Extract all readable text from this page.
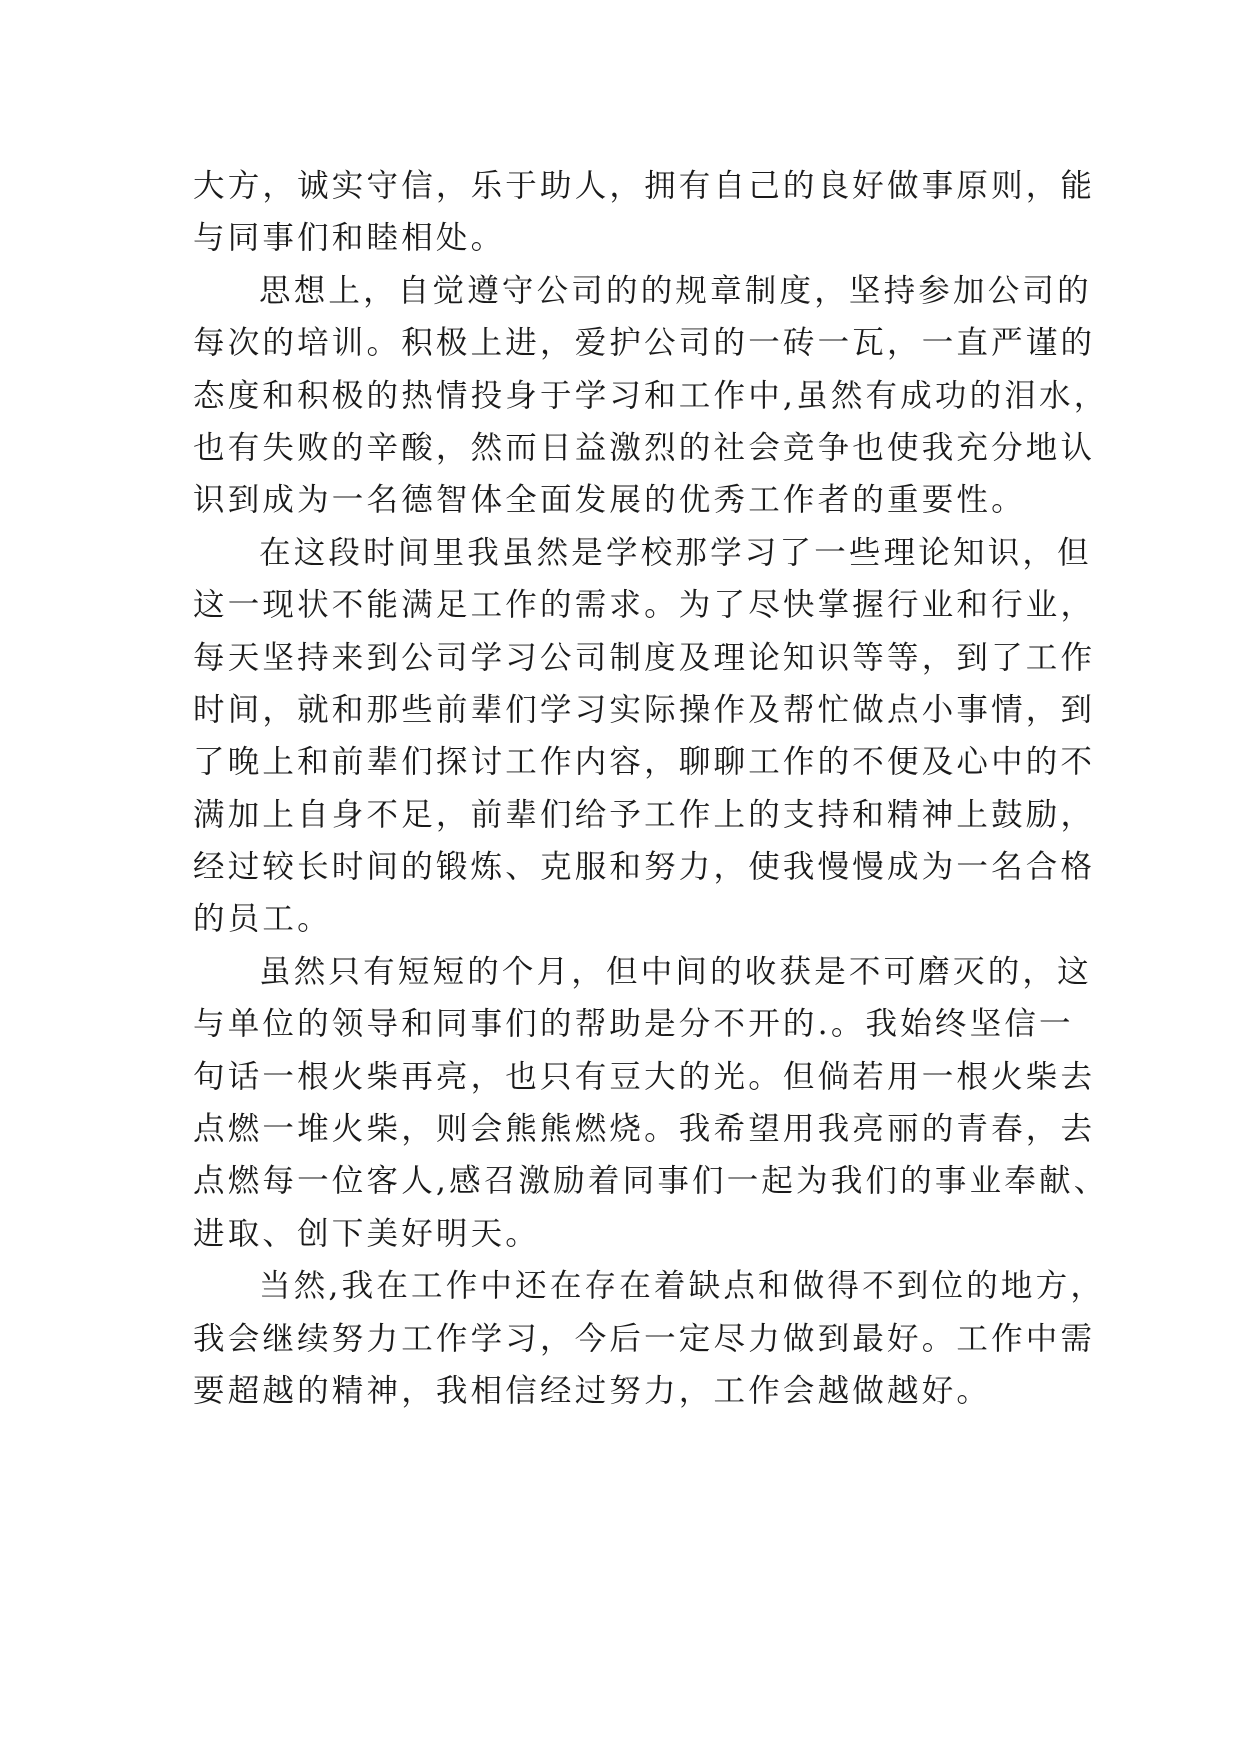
大方，诚实守信，乐于助人，拥有自己的良好做事原则，能
与同事们和睦相处。
思想上，自觉遵守公司的的规章制度，坚持参加公司的
每次的培训。积极上进，爱护公司的一砖一瓦，一直严谨的
态度和积极的热情投身于学习和工作中,虽然有成功的泪水，
也有失败的辛酸，然而日益激烈的社会竞争也使我充分地认
识到成为一名德智体全面发展的优秀工作者的重要性。
在这段时间里我虽然是学校那学习了一些理论知识，但
这一现状不能满足工作的需求。为了尽快掌握行业和行业，
每天坚持来到公司学习公司制度及理论知识等等，到了工作
时间，就和那些前辈们学习实际操作及帮忙做点小事情，到
了晚上和前辈们探讨工作内容，聊聊工作的不便及心中的不
满加上自身不足，前辈们给予工作上的支持和精神上鼓励，
经过较长时间的锻炼、克服和努力，使我慢慢成为一名合格
的员工。
虽然只有短短的个月，但中间的收获是不可磨灭的，这
与单位的领导和同事们的帮助是分不开的.。我始终坚信一
句话一根火柴再亮，也只有豆大的光。但倘若用一根火柴去
点燃一堆火柴，则会熊熊燃烧。我希望用我亮丽的青春，去
点燃每一位客人,感召激励着同事们一起为我们的事业奉献、
进取、创下美好明天。
当然,我在工作中还在存在着缺点和做得不到位的地方，
我会继续努力工作学习，今后一定尽力做到最好。工作中需
要超越的精神，我相信经过努力，工作会越做越好。
